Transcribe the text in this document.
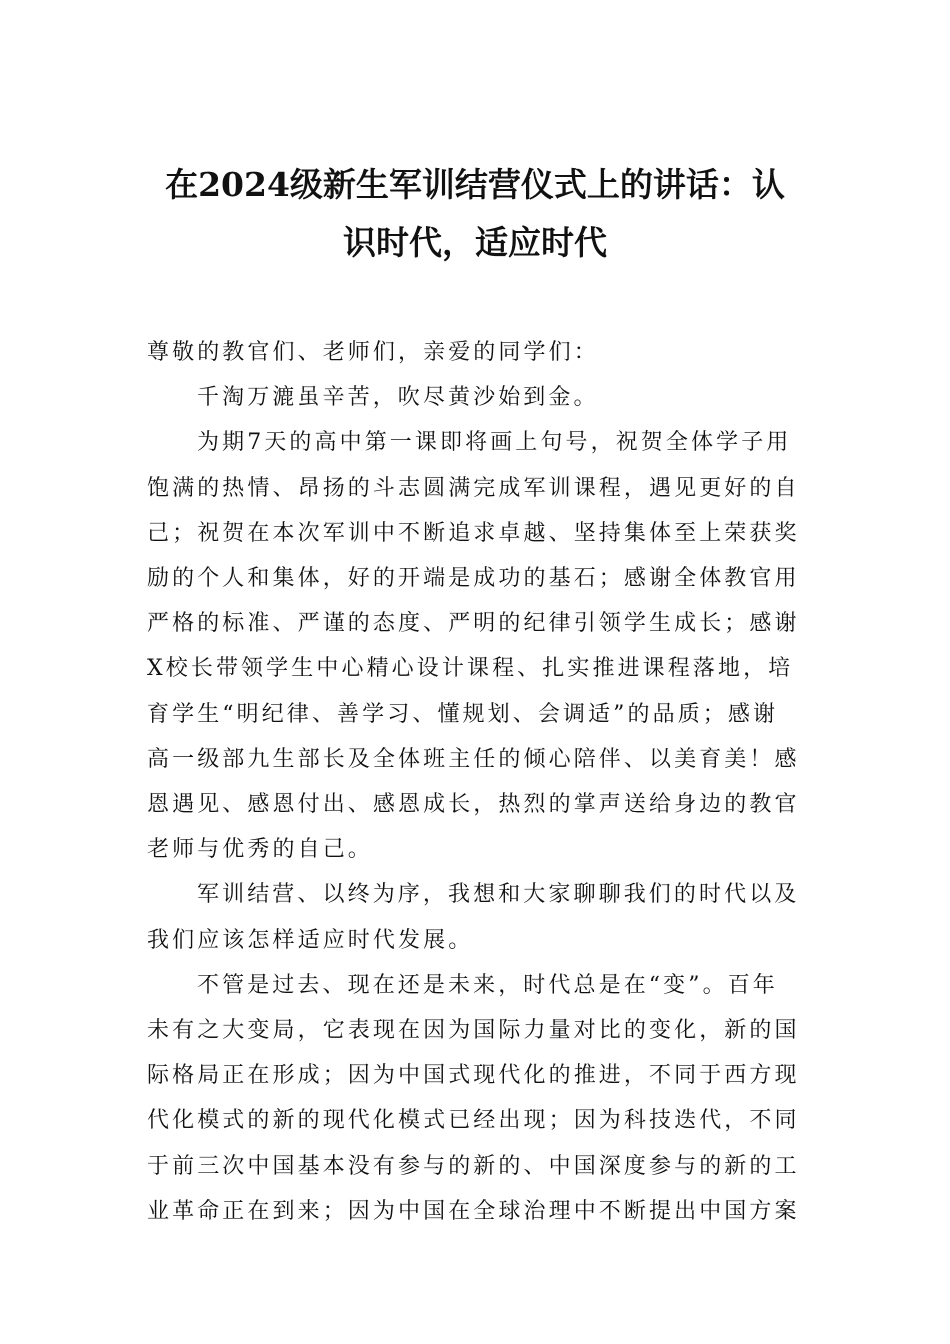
在2024级新生军训结营仪式上的讲话：认
识时代，适应时代

尊敬的教官们、老师们，亲爱的同学们：

千淘万漉虽辛苦，吹尽黄沙始到金。

为期7天的高中第一课即将画上句号，祝贺全体学子用
饱满的热情、昂扬的斗志圆满完成军训课程，遇见更好的自
己；祝贺在本次军训中不断追求卓越、坚持集体至上荣获奖
励的个人和集体，好的开端是成功的基石；感谢全体教官用
严格的标准、严谨的态度、严明的纪律引领学生成长；感谢
X校长带领学生中心精心设计课程、扎实推进课程落地，培
育学生“明纪律、善学习、懂规划、会调适”的品质；感谢
高一级部九生部长及全体班主任的倾心陪伴、以美育美！感
恩遇见、感恩付出、感恩成长，热烈的掌声送给身边的教官
老师与优秀的自己。

军训结营、以终为序，我想和大家聊聊我们的时代以及
我们应该怎样适应时代发展。

不管是过去、现在还是未来，时代总是在“变”。百年
未有之大变局，它表现在因为国际力量对比的变化，新的国
际格局正在形成；因为中国式现代化的推进，不同于西方现
代化模式的新的现代化模式已经出现；因为科技迭代，不同
于前三次中国基本没有参与的新的、中国深度参与的新的工
业革命正在到来；因为中国在全球治理中不断提出中国方案
